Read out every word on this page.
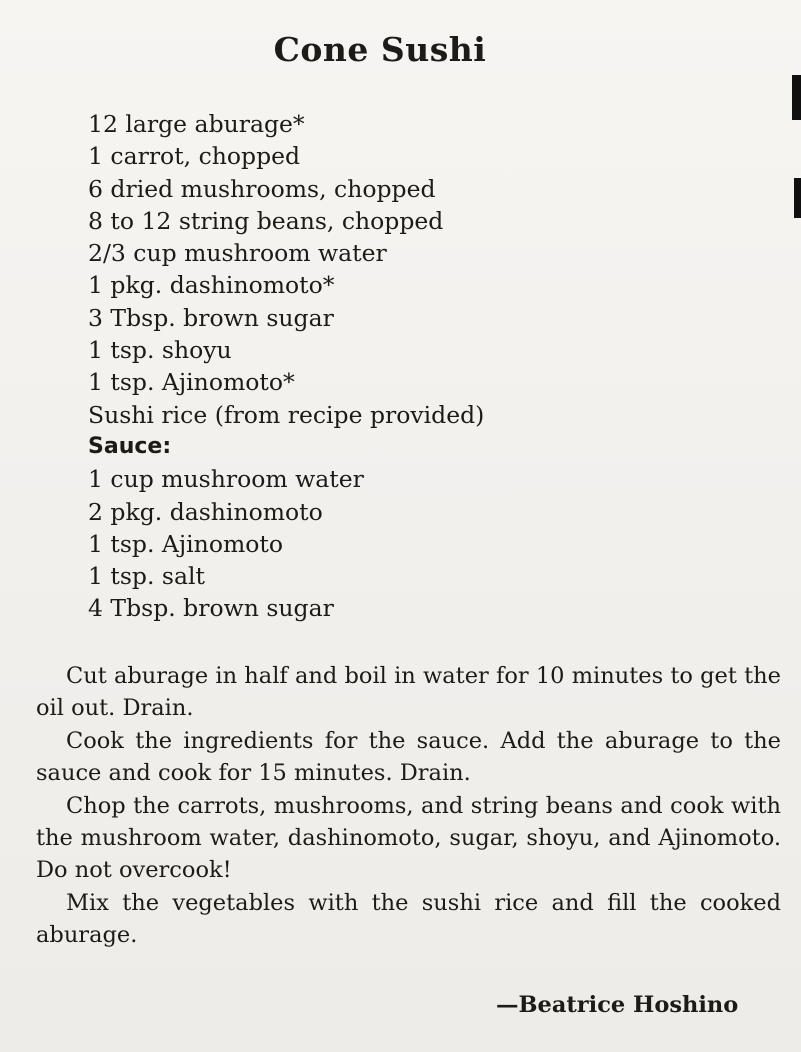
Cone Sushi
12 large aburage*
1 carrot, chopped
6 dried mushrooms, chopped
8 to 12 string beans, chopped
2/3 cup mushroom water
1 pkg. dashinomoto*
3 Tbsp. brown sugar
1 tsp. shoyu
1 tsp. Ajinomoto*
Sushi rice (from recipe provided)
Sauce:
1 cup mushroom water
2 pkg. dashinomoto
1 tsp. Ajinomoto
1 tsp. salt
4 Tbsp. brown sugar

Cut aburage in half and boil in water for 10 minutes to get the oil out. Drain.

Cook the ingredients for the sauce. Add the aburage to the sauce and cook for 15 minutes. Drain.

Chop the carrots, mushrooms, and string beans and cook with the mushroom water, dashinomoto, sugar, shoyu, and Ajinomoto. Do not overcook!

Mix the vegetables with the sushi rice and fill the cooked aburage.

—Beatrice Hoshino
